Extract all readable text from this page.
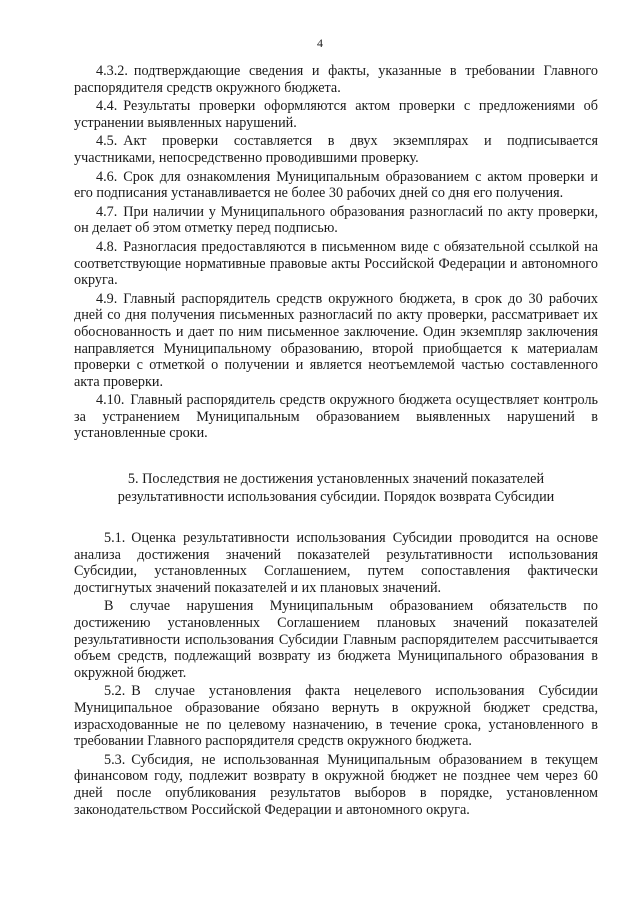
4

4.3.2. подтверждающие сведения и факты, указанные в требовании Главного распорядителя средств окружного бюджета.

4.4. Результаты проверки оформляются актом проверки с предложениями об устранении выявленных нарушений.

4.5. Акт проверки составляется в двух экземплярах и подписывается участниками, непосредственно проводившими проверку.

4.6. Срок для ознакомления Муниципальным образованием с актом проверки и его подписания устанавливается не более 30 рабочих дней со дня его получения.

4.7. При наличии у Муниципального образования разногласий по акту проверки, он делает об этом отметку перед подписью.

4.8. Разногласия предоставляются в письменном виде с обязательной ссылкой на соответствующие нормативные правовые акты Российской Федерации и автономного округа.

4.9. Главный распорядитель средств окружного бюджета, в срок до 30 рабочих дней со дня получения письменных разногласий по акту проверки, рассматривает их обоснованность и дает по ним письменное заключение. Один экземпляр заключения направляется Муниципальному образованию, второй приобщается к материалам проверки с отметкой о получении и является неотъемлемой частью составленного акта проверки.

4.10. Главный распорядитель средств окружного бюджета осуществляет контроль за устранением Муниципальным образованием выявленных нарушений в установленные сроки.

5. Последствия не достижения установленных значений показателей
результативности использования субсидии. Порядок возврата Субсидии

5.1. Оценка результативности использования Субсидии проводится на основе анализа достижения значений показателей результативности использования Субсидии, установленных Соглашением, путем сопоставления фактически достигнутых значений показателей и их плановых значений.

В случае нарушения Муниципальным образованием обязательств по достижению установленных Соглашением плановых значений показателей результативности использования Субсидии Главным распорядителем рассчитывается объем средств, подлежащий возврату из бюджета Муниципального образования в окружной бюджет.

5.2. В случае установления факта нецелевого использования Субсидии Муниципальное образование обязано вернуть в окружной бюджет средства, израсходованные не по целевому назначению, в течение срока, установленного в требовании Главного распорядителя средств окружного бюджета.

5.3. Субсидия, не использованная Муниципальным образованием в текущем финансовом году, подлежит возврату в окружной бюджет не позднее чем через 60 дней после опубликования результатов выборов в порядке, установленном законодательством Российской Федерации и автономного округа.
